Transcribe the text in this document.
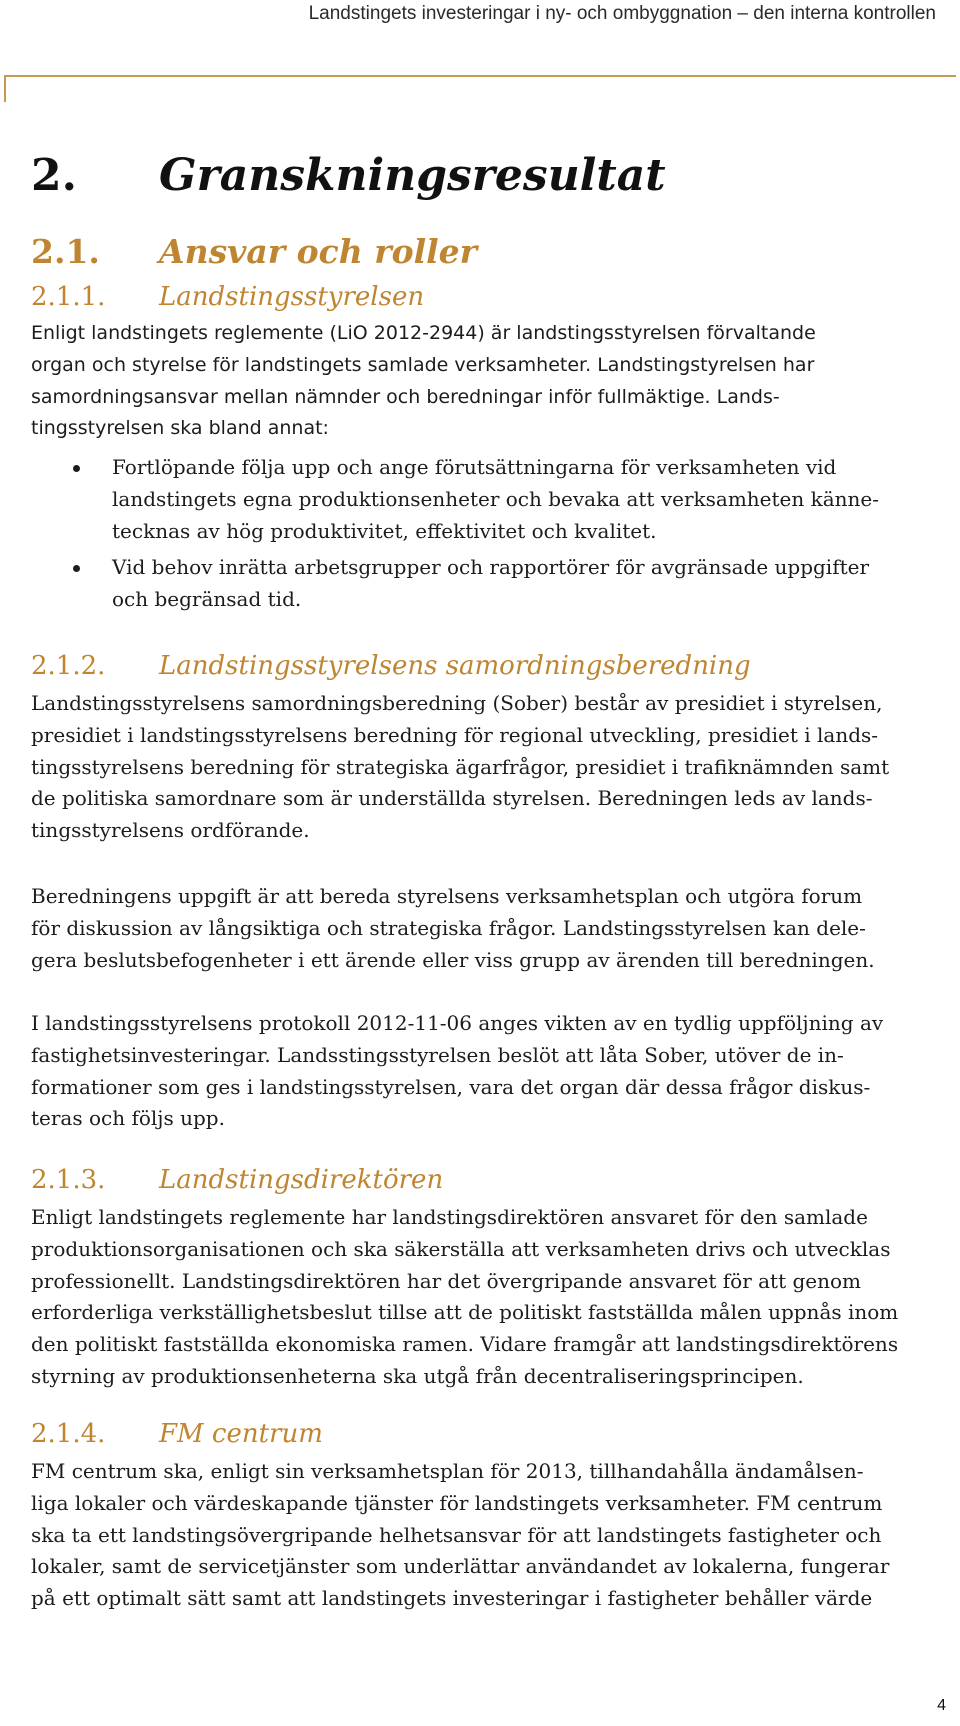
Landstingets investeringar i ny- och ombyggnation – den interna kontrollen
2. Granskningsresultat
2.1. Ansvar och roller
2.1.1. Landstingsstyrelsen

Enligt landstingets reglemente (LiO 2012-2944) är landstingsstyrelsen förvaltande
organ och styrelse för landstingets samlade verksamheter. Landstingstyrelsen har
samordningsansvar mellan nämnder och beredningar inför fullmäktige. Lands-
tingsstyrelsen ska bland annat:

Fortlöpande följa upp och ange förutsättningarna för verksamheten vid
landstingets egna produktionsenheter och bevaka att verksamheten känne-
tecknas av hög produktivitet, effektivitet och kvalitet.
Vid behov inrätta arbetsgrupper och rapportörer för avgränsade uppgifter
och begränsad tid.
2.1.2. Landstingsstyrelsens samordningsberedning

Landstingsstyrelsens samordningsberedning (Sober) består av presidiet i styrelsen,
presidiet i landstingsstyrelsens beredning för regional utveckling, presidiet i lands-
tingsstyrelsens beredning för strategiska ägarfrågor, presidiet i trafiknämnden samt
de politiska samordnare som är underställda styrelsen. Beredningen leds av lands-
tingsstyrelsens ordförande.

Beredningens uppgift är att bereda styrelsens verksamhetsplan och utgöra forum
för diskussion av långsiktiga och strategiska frågor. Landstingsstyrelsen kan dele-
gera beslutsbefogenheter i ett ärende eller viss grupp av ärenden till beredningen.

I landstingsstyrelsens protokoll 2012-11-06 anges vikten av en tydlig uppföljning av
fastighetsinvesteringar. Landsstingsstyrelsen beslöt att låta Sober, utöver de in-
formationer som ges i landstingsstyrelsen, vara det organ där dessa frågor diskus-
teras och följs upp.

2.1.3. Landstingsdirektören

Enligt landstingets reglemente har landstingsdirektören ansvaret för den samlade
produktionsorganisationen och ska säkerställa att verksamheten drivs och utvecklas
professionellt. Landstingsdirektören har det övergripande ansvaret för att genom
erforderliga verkställighetsbeslut tillse att de politiskt fastställda målen uppnås inom
den politiskt fastställda ekonomiska ramen. Vidare framgår att landstingsdirektörens
styrning av produktionsenheterna ska utgå från decentraliseringsprincipen.

2.1.4. FM centrum

FM centrum ska, enligt sin verksamhetsplan för 2013, tillhandahålla ändamålsen-
liga lokaler och värdeskapande tjänster för landstingets verksamheter. FM centrum
ska ta ett landstingsövergripande helhetsansvar för att landstingets fastigheter och
lokaler, samt de servicetjänster som underlättar användandet av lokalerna, fungerar
på ett optimalt sätt samt att landstingets investeringar i fastigheter behåller värde

4
